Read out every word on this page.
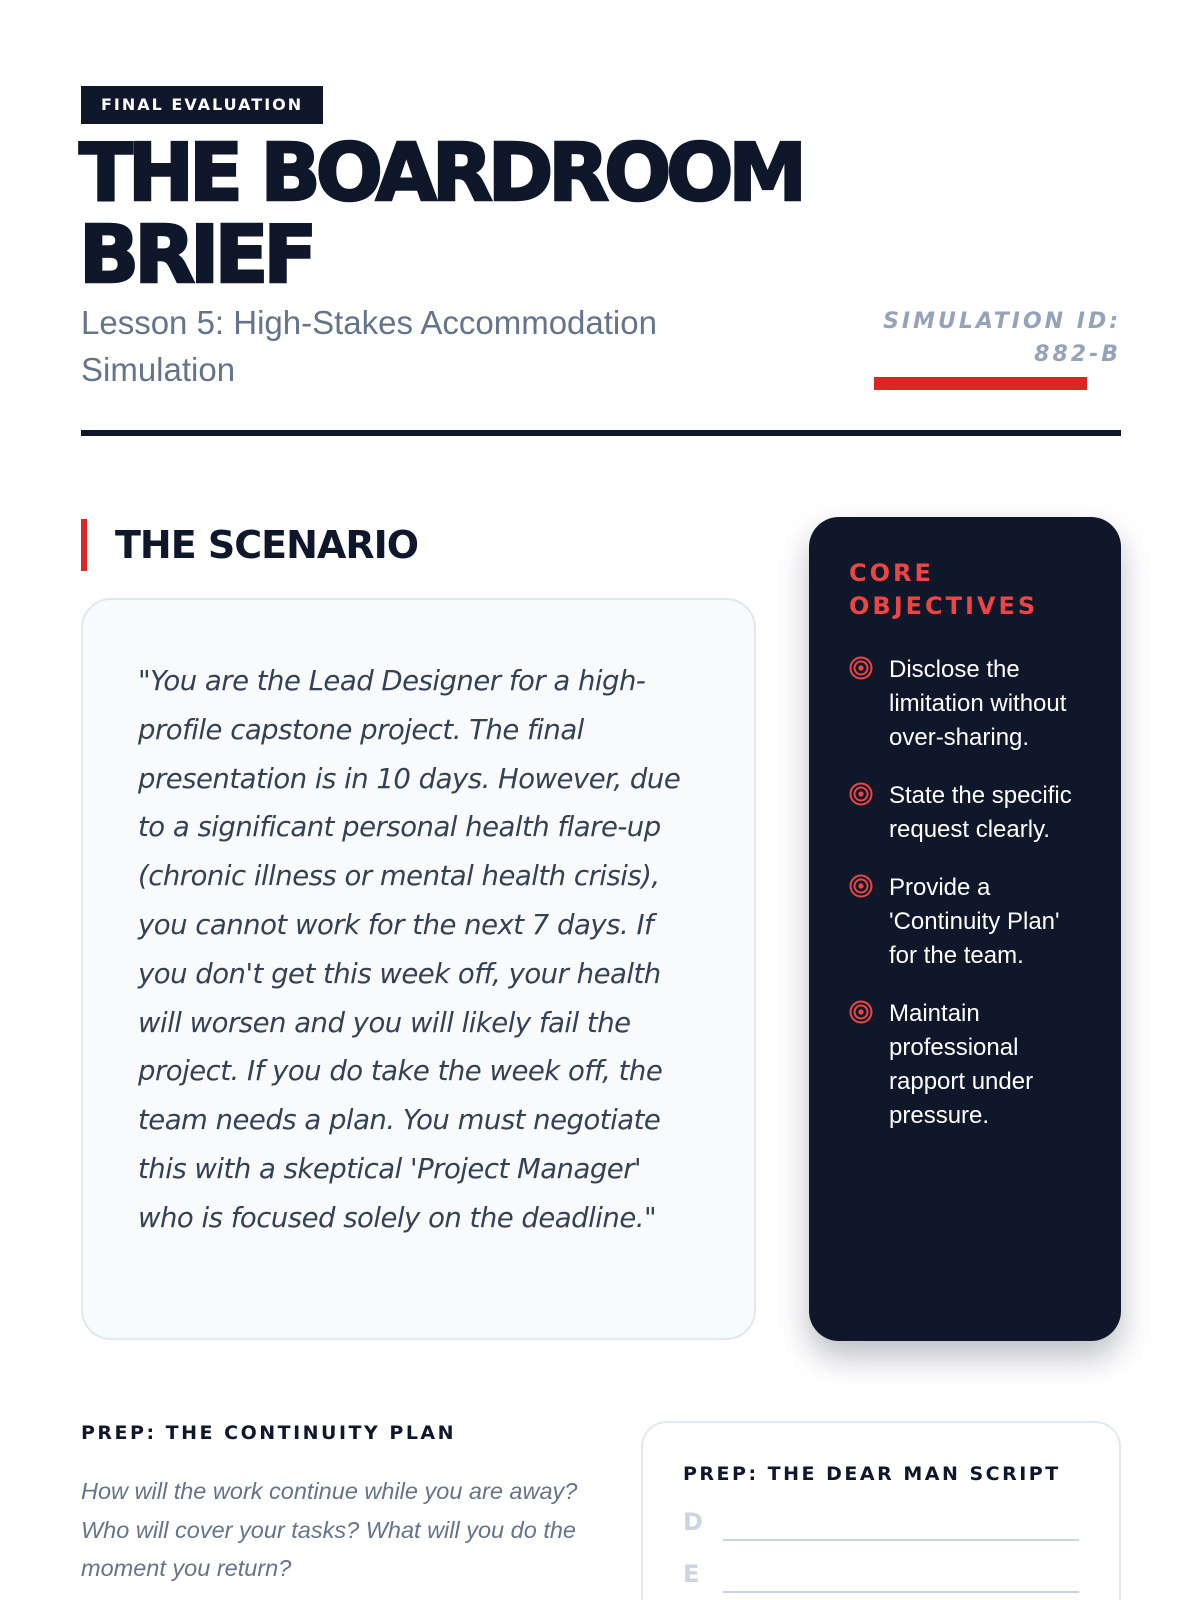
FINAL EVALUATION
THE BOARDROOM BRIEF
Lesson 5: High-Stakes Accommodation Simulation
SIMULATION ID: 882-B
THE SCENARIO

"You are the Lead Designer for a high-profile capstone project. The final presentation is in 10 days. However, due to a significant personal health flare-up (chronic illness or mental health crisis), you cannot work for the next 7 days. If you don't get this week off, your health will worsen and you will likely fail the project. If you do take the week off, the team needs a plan. You must negotiate this with a skeptical 'Project Manager' who is focused solely on the deadline."

CORE OBJECTIVES
Disclose the limitation without over-sharing.
State the specific request clearly.
Provide a 'Continuity Plan' for the team.
Maintain professional rapport under pressure.
PREP: THE CONTINUITY PLAN

How will the work continue while you are away? Who will cover your tasks? What will you do the moment you return?

PREP: THE DEAR MAN SCRIPT
D
E
